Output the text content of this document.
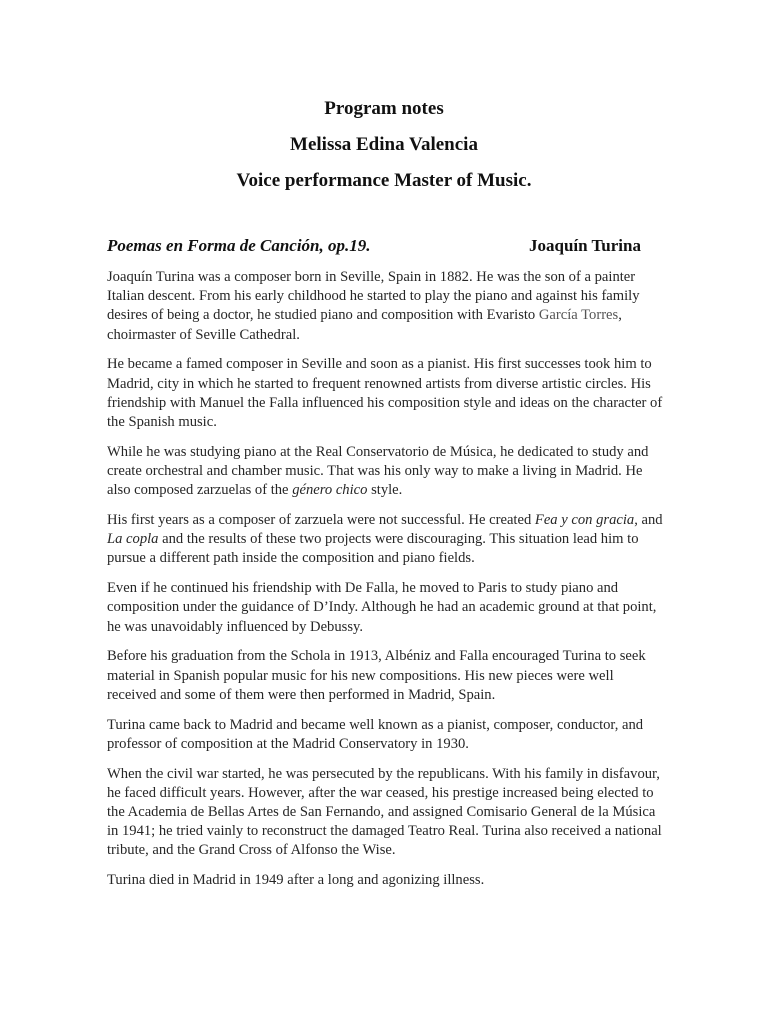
Program notes
Melissa Edina Valencia
Voice performance Master of Music.
Poemas en Forma de Canción, op.19.	Joaquín Turina

Joaquín Turina was a composer born in Seville, Spain in 1882. He was the son of a painter Italian descent. From his early childhood he started to play the piano and against his family desires of being a doctor, he studied piano and composition with Evaristo García Torres, choirmaster of Seville Cathedral.

He became a famed composer in Seville and soon as a pianist. His first successes took him to Madrid, city in which he started to frequent renowned artists from diverse artistic circles. His friendship with Manuel the Falla influenced his composition style and ideas on the character of the Spanish music.

While he was studying piano at the Real Conservatorio de Música, he dedicated to study and create orchestral and chamber music. That was his only way to make a living in Madrid. He also composed zarzuelas of the género chico style.

His first years as a composer of zarzuela were not successful. He created Fea y con gracia, and La copla and the results of these two projects were discouraging. This situation lead him to pursue a different path inside the composition and piano fields.

Even if he continued his friendship with De Falla, he moved to Paris to study piano and composition under the guidance of D’Indy. Although he had an academic ground at that point, he was unavoidably influenced by Debussy.

Before his graduation from the Schola in 1913, Albéniz and Falla encouraged Turina to seek material in Spanish popular music for his new compositions. His new pieces were well received and some of them were then performed in Madrid, Spain.

Turina came back to Madrid and became well known as a pianist, composer, conductor, and professor of composition at the Madrid Conservatory in 1930.

When the civil war started, he was persecuted by the republicans. With his family in disfavour, he faced difficult years. However, after the war ceased, his prestige increased being elected to the Academia de Bellas Artes de San Fernando, and assigned Comisario General de la Música in 1941; he tried vainly to reconstruct the damaged Teatro Real. Turina also received a national tribute, and the Grand Cross of Alfonso the Wise.

Turina died in Madrid in 1949 after a long and agonizing illness.
